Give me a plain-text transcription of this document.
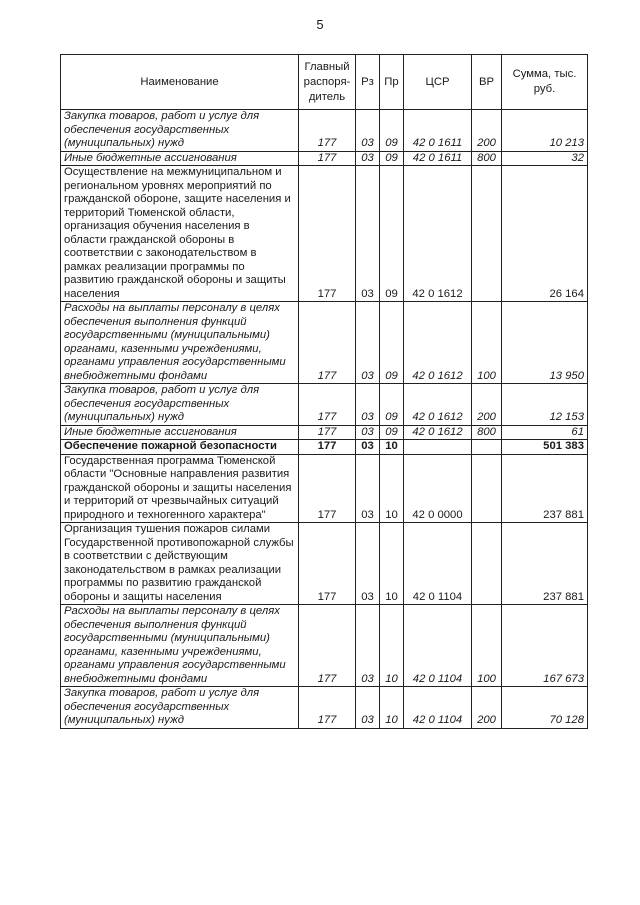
5
Наименование	Главный распоря-дитель	Рз	Пр	ЦСР	ВР	Сумма, тыс. руб.
Закупка товаров, работ и услуг для обеспечения государственных (муниципальных) нужд	177	03	09	42 0 1611	200	10 213
Иные бюджетные ассигнования	177	03	09	42 0 1611	800	32
Осуществление на межмуниципальном и региональном уровнях мероприятий по гражданской обороне, защите населения и территорий Тюменской области, организация обучения населения в области гражданской обороны в соответствии с законодательством в рамках реализации программы по развитию гражданской обороны и защиты населения	177	03	09	42 0 1612		26 164
Расходы на выплаты персоналу в целях обеспечения выполнения функций государственными (муниципальными) органами, казенными учреждениями, органами управления государственными внебюджетными фондами	177	03	09	42 0 1612	100	13 950
Закупка товаров, работ и услуг для обеспечения государственных (муниципальных) нужд	177	03	09	42 0 1612	200	12 153
Иные бюджетные ассигнования	177	03	09	42 0 1612	800	61
Обеспечение пожарной безопасности	177	03	10			501 383
Государственная программа Тюменской области "Основные направления развития гражданской обороны и защиты населения и территорий от чрезвычайных ситуаций природного и техногенного характера"	177	03	10	42 0 0000		237 881
Организация тушения пожаров силами Государственной противопожарной службы в соответствии с действующим законодательством в рамках реализации программы по развитию гражданской обороны и защиты населения	177	03	10	42 0 1104		237 881
Расходы на выплаты персоналу в целях обеспечения выполнения функций государственными (муниципальными) органами, казенными учреждениями, органами управления государственными внебюджетными фондами	177	03	10	42 0 1104	100	167 673
Закупка товаров, работ и услуг для обеспечения государственных (муниципальных) нужд	177	03	10	42 0 1104	200	70 128
